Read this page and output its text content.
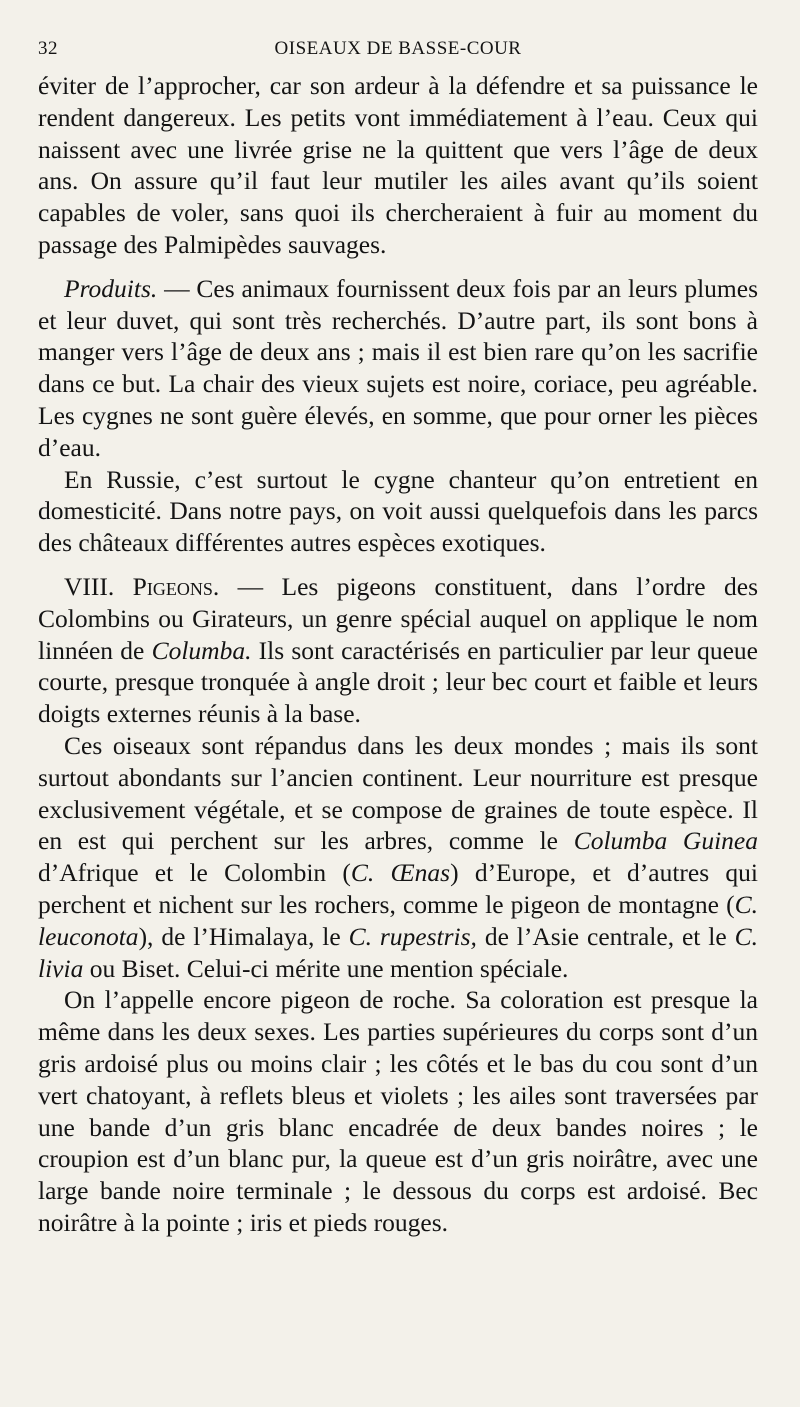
32	OISEAUX DE BASSE-COUR

éviter de l’approcher, car son ardeur à la défendre et sa puissance le rendent dangereux. Les petits vont immédiatement à l’eau. Ceux qui naissent avec une livrée grise ne la quittent que vers l’âge de deux ans. On assure qu’il faut leur mutiler les ailes avant qu’ils soient capables de voler, sans quoi ils chercheraient à fuir au moment du passage des Palmipèdes sauvages.

Produits. — Ces animaux fournissent deux fois par an leurs plumes et leur duvet, qui sont très recherchés. D’autre part, ils sont bons à manger vers l’âge de deux ans ; mais il est bien rare qu’on les sacrifie dans ce but. La chair des vieux sujets est noire, coriace, peu agréable. Les cygnes ne sont guère élevés, en somme, que pour orner les pièces d’eau.

En Russie, c’est surtout le cygne chanteur qu’on entretient en domesticité. Dans notre pays, on voit aussi quelquefois dans les parcs des châteaux différentes autres espèces exotiques.

VIII. Pigeons. — Les pigeons constituent, dans l’ordre des Colombins ou Girateurs, un genre spécial auquel on applique le nom linnéen de Columba. Ils sont caractérisés en particulier par leur queue courte, presque tronquée à angle droit ; leur bec court et faible et leurs doigts externes réunis à la base.

Ces oiseaux sont répandus dans les deux mondes ; mais ils sont surtout abondants sur l’ancien continent. Leur nourriture est presque exclusivement végétale, et se compose de graines de toute espèce. Il en est qui perchent sur les arbres, comme le Columba Guinea d’Afrique et le Colombin (C. Œnas) d’Europe, et d’autres qui perchent et nichent sur les rochers, comme le pigeon de montagne (C. leuconota), de l’Himalaya, le C. rupestris, de l’Asie centrale, et le C. livia ou Biset. Celui-ci mérite une mention spéciale.

On l’appelle encore pigeon de roche. Sa coloration est presque la même dans les deux sexes. Les parties supérieures du corps sont d’un gris ardoisé plus ou moins clair ; les côtés et le bas du cou sont d’un vert chatoyant, à reflets bleus et violets ; les ailes sont traversées par une bande d’un gris blanc encadrée de deux bandes noires ; le croupion est d’un blanc pur, la queue est d’un gris noirâtre, avec une large bande noire terminale ; le dessous du corps est ardoisé. Bec noirâtre à la pointe ; iris et pieds rouges.
